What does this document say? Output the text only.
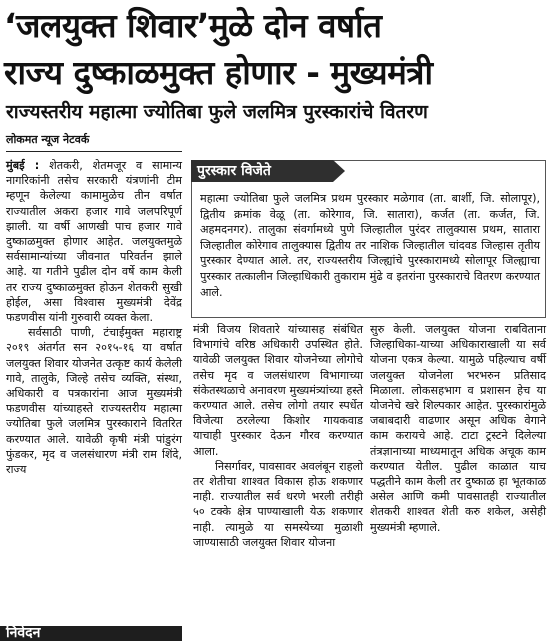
‘जलयुक्त शिवार’मुळे दोन वर्षात
राज्य दुष्काळमुक्त होणार - मुख्यमंत्री
राज्यस्तरीय महात्मा ज्योतिबा फुले जलमित्र पुरस्कारांचे वितरण
लोकमत न्यूज नेटवर्क

मुंबई : शेतकरी, शेतमजूर व सामान्य नागरिकांनी तसेच सरकारी यंत्रणांनी टीम म्हणून केलेल्या कामामुळेच तीन वर्षात राज्यातील अकरा हजार गावे जलपरिपूर्ण झाली. या वर्षी आणखी पाच हजार गावे दुष्काळमुक्त होणार आहेत. जलयुक्तमुळे सर्वसामान्यांच्या जीवनात परिवर्तन झाले आहे. या गतीने पुढील दोन वर्षे काम केली तर राज्य दुष्काळमुक्त होऊन शेतकरी सुखी होईल, असा विश्वास मुख्यमंत्री देवेंद्र फडणवीस यांनी गुरुवारी व्यक्त केला.

सर्वसाठी पाणी, टंचाईमुक्त महाराष्ट्र २०१९ अंतर्गत सन २०१५-१६ या वर्षात जलयुक्त शिवार योजनेत उत्कृष्ट कार्य केलेली गावे, तालुके, जिल्हे तसेच व्यक्ति, संस्था, अधिकारी व पत्रकारांना आज मुख्यमंत्री फडणवीस यांच्याहस्ते राज्यस्तरीय महात्मा ज्योतिबा फुले जलमित्र पुरस्काराने वितरित करण्यात आले. यावेळी कृषी मंत्री पांडुरंग फुंडकर, मृद व जलसंधारण मंत्री राम शिंदे, राज्य

पुरस्कार विजेते
महात्मा ज्योतिबा फुले जलमित्र प्रथम पुरस्कार मळेगाव (ता. बार्शी, जि. सोलापूर), द्वितीय क्रमांक वेळू (ता. कोरेगाव, जि. सातारा), कर्जत (ता. कर्जत, जि. अहमदनगर). तालुका संवर्गामध्ये पुणे जिल्हातील पुरंदर तालुक्यास प्रथम, सातारा जिल्हातील कोरेगाव तालुक्यास द्वितीय तर नाशिक जिल्हातील चांदवड जिल्हास तृतीय पुरस्कार देण्यात आले. तर, राज्यस्तरीय जिल्ह्यांचे पुरस्कारामध्ये सोलापूर जिल्ह्याचा पुरस्कार तत्कालीन जिल्हाधिकारी तुकाराम मुंढे व इतरांना पुरस्काराचे वितरण करण्यात आले.

मंत्री विजय शिवतारे यांच्यासह संबंधित विभागांचे वरिष्ठ अधिकारी उपस्थित होते. यावेळी जलयुक्त शिवार योजनेच्या लोगोचे तसेच मृद व जलसंधारण विभागाच्या संकेतस्थळाचे अनावरण मुख्यमंत्र्यांच्या हस्ते करण्यात आले. तसेच लोगो तयार स्पर्धेत विजेत्या ठरलेल्या किशोर गायकवाड याचाही पुरस्कार देऊन गौरव करण्यात आला.

निसर्गावर, पावसावर अवलंबून राहलो तर शेतीचा शाश्वत विकास होऊ शकणार नाही. राज्यातील सर्व धरणे भरली तरीही ५० टक्के क्षेत्र पाण्याखाली येऊ शकणार नाही. त्यामुळे या समस्येच्या मुळाशी जाण्यासाठी जलयुक्त शिवार योजना

सुरु केली. जलयुक्त योजना राबविताना जिल्हाधिका-याच्या अधिकाराखाली या सर्व योजना एकत्र केल्या. यामुळे पहिल्याच वर्षी जलयुक्त योजनेला भरभरुन प्रतिसाद मिळाला. लोकसहभाग व प्रशासन हेच या योजनेचे खरे शिल्पकार आहेत. पुरस्कारांमुळे जबाबदारी वाढणार असून अधिक वेगाने काम करायचे आहे. टाटा ट्रस्टने दिलेल्या तंत्रज्ञानाच्या माध्यमातून अधिक अचूक काम करण्यात येतील. पुढील काळात याच पद्धतीने काम केली तर दुष्काळ हा भूतकाळ असेल आणि कमी पावसातही राज्यातील शेतकरी शाश्वत शेती करु शकेल, असेही मुख्यमंत्री म्हणाले.

निवेदन
